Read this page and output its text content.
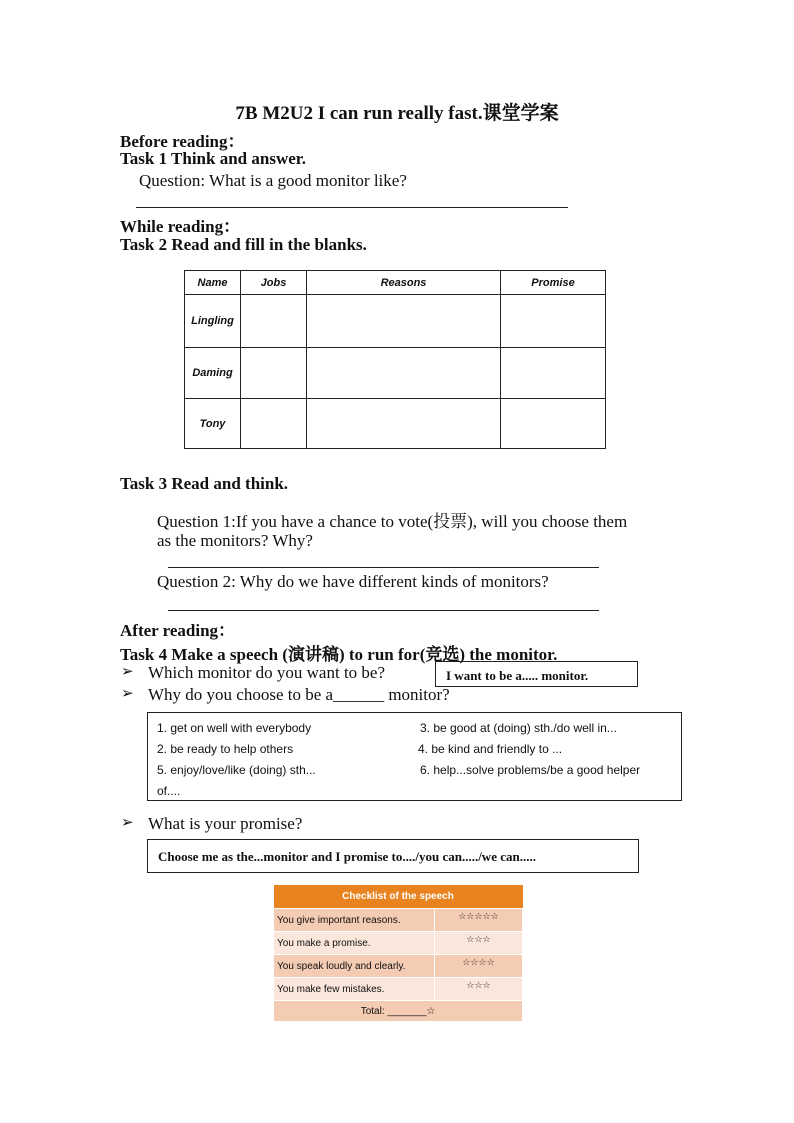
7B M2U2 I can run really fast.课堂学案
Before reading：
Task 1 Think and answer.
Question: What is a good monitor like?
While reading：
Task 2 Read and fill in the blanks.
Name	Jobs	Reasons	Promise
Lingling			
Daming			
Tony			
Task 3 Read and think.
Question 1:If you have a chance to vote(投票), will you choose them
as the monitors? Why?
Question 2: Why do we have different kinds of monitors?
After reading：
Task 4 Make a speech (演讲稿) to run for(竞选) the monitor.
➢ Which monitor do you want to be?	I want to be a..... monitor.
➢ Why do you choose to be a______ monitor?
1. get on well with everybody	3. be good at (doing) sth./do well in...
2. be ready to help others	4. be kind and friendly to ...
5. enjoy/love/like (doing) sth...	6. help...solve problems/be a good helper
of....
➢ What is your promise?
Choose me as the...monitor and I promise to..../you can...../we can.....
Checklist of the speech	
You give important reasons.	☆☆☆☆☆
You make a promise.	☆☆☆
You speak loudly and clearly.	☆☆☆☆
You make few mistakes.	☆☆☆
Total: _______☆	
